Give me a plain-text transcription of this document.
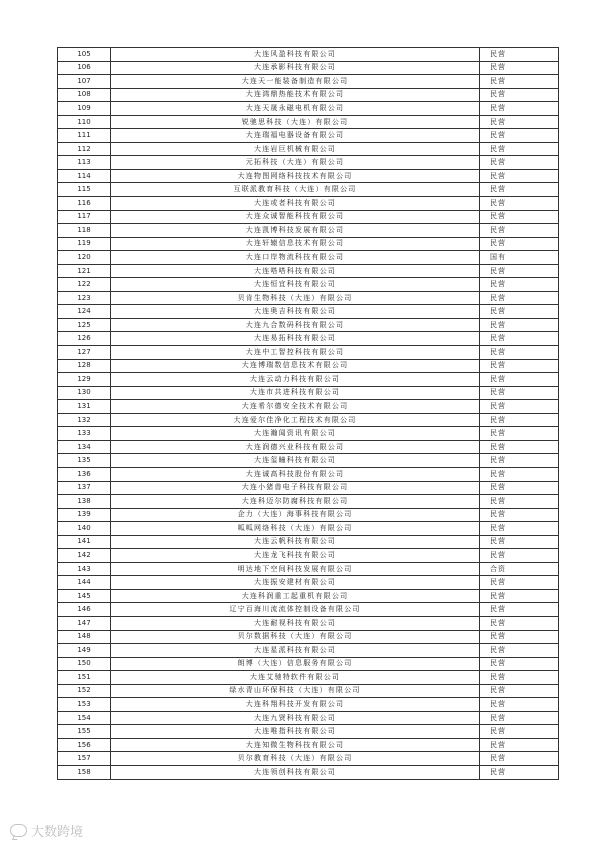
105	大连风盈科技有限公司	民营
106	大连承影科技有限公司	民营
107	大连天一能装备制造有限公司	民营
108	大连鸿鼎热能技术有限公司	民营
109	大连天晟永磁电机有限公司	民营
110	锐驰思科技（大连）有限公司	民营
111	大连瑞福电器设备有限公司	民营
112	大连岩巨机械有限公司	民营
113	元拓科技（大连）有限公司	民营
114	大连物图网络科技技术有限公司	民营
115	互联派教育科技（大连）有限公司	民营
116	大连或者科技有限公司	民营
117	大连众诚智能科技有限公司	民营
118	大连凯博科技发展有限公司	民营
119	大连轩辕信息技术有限公司	民营
120	大连口岸物流科技有限公司	国有
121	大连嗒嗒科技有限公司	民营
122	大连恒宜科技有限公司	民营
123	贝肯生物科技（大连）有限公司	民营
124	大连奥吉科技有限公司	民营
125	大连九合数码科技有限公司	民营
126	大连易拓科技有限公司	民营
127	大连中工智控科技有限公司	民营
128	大连博瑞数信息技术有限公司	民营
129	大连云动力科技有限公司	民营
130	大连市共进科技有限公司	民营
131	大连希尔德安全技术有限公司	民营
132	大连爱尔佳净化工程技术有限公司	民营
133	大连瀚闻资讯有限公司	民营
134	大连润德兴业科技有限公司	民营
135	大连玺瞳科技有限公司	民营
136	大连诚高科技股份有限公司	民营
137	大连小猪兽电子科技有限公司	民营
138	大连科迈尔防腐科技有限公司	民营
139	企力（大连）海事科技有限公司	民营
140	呱呱网络科技（大连）有限公司	民营
141	大连云帆科技有限公司	民营
142	大连龙飞科技有限公司	民营
143	明达地下空间科技发展有限公司	合资
144	大连振安建材有限公司	民营
145	大连科润重工起重机有限公司	民营
146	辽宁百海川流流体控制设备有限公司	民营
147	大连耐视科技有限公司	民营
148	贝尔数据科技（大连）有限公司	民营
149	大连星派科技有限公司	民营
150	朗博（大连）信息服务有限公司	民营
151	大连艾驰特软件有限公司	民营
152	绿水青山环保科技（大连）有限公司	民营
153	大连科翔科技开发有限公司	民营
154	大连九贤科技有限公司	民营
155	大连唯指科技有限公司	民营
156	大连知微生物科技有限公司	民营
157	贝尔教育科技（大连）有限公司	民营
158	大连领创科技有限公司	民营
大数跨境
